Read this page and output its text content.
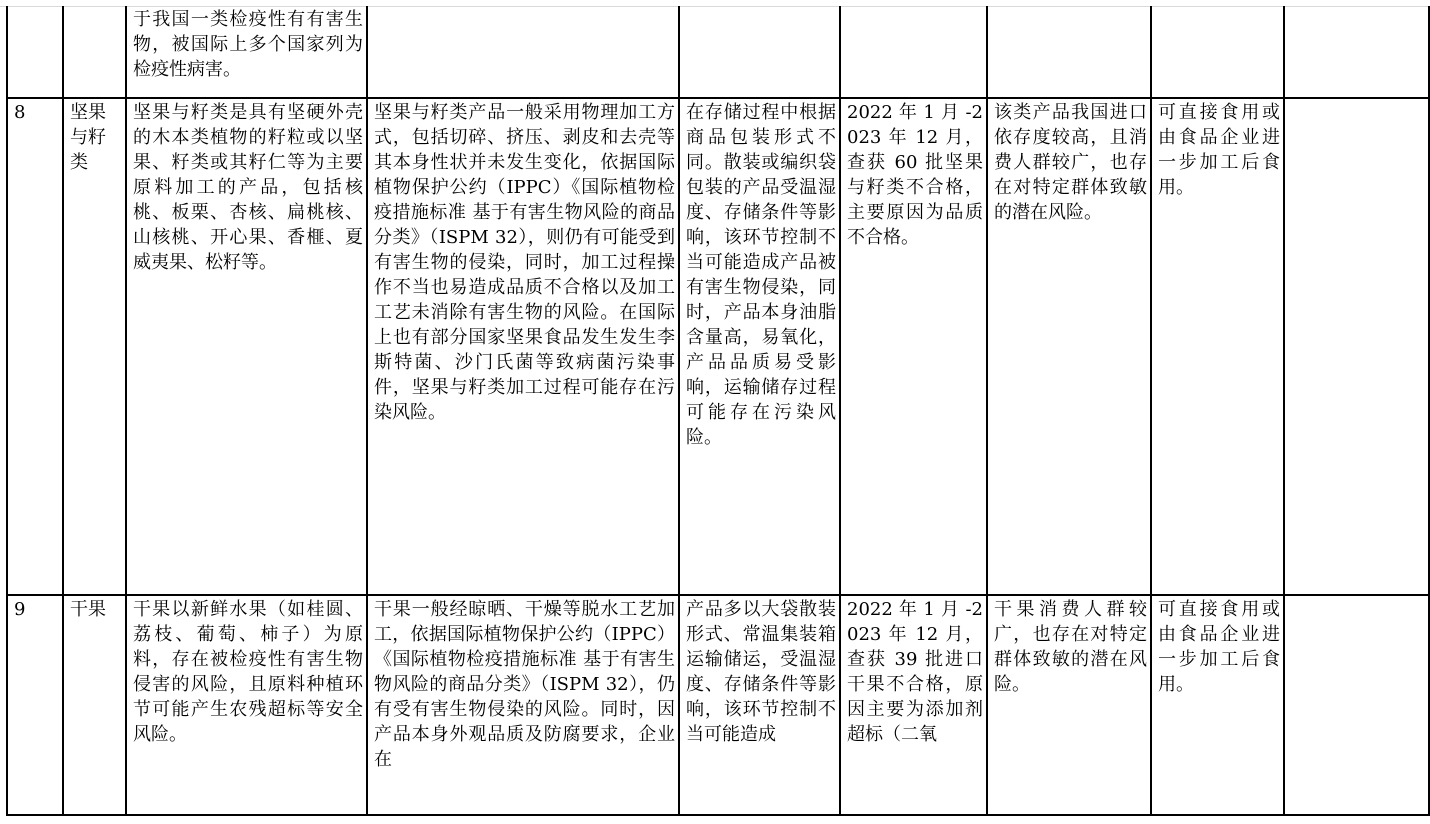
		于我国一类检疫性有有害生物，被国际上多个国家列为检疫性病害。						
8	坚果与籽类	坚果与籽类是具有坚硬外壳的木本类植物的籽粒或以坚果、籽类或其籽仁等为主要原料加工的产品，包括核桃、板栗、杏核、扁桃核、山核桃、开心果、香榧、夏威夷果、松籽等。	坚果与籽类产品一般采用物理加工方式，包括切碎、挤压、剥皮和去壳等其本身性状并未发生变化，依据国际植物保护公约（IPPC）《国际植物检疫措施标准 基于有害生物风险的商品分类》（ISPM 32），则仍有可能受到有害生物的侵染，同时，加工过程操作不当也易造成品质不合格以及加工工艺未消除有害生物的风险。在国际上也有部分国家坚果食品发生发生李斯特菌、沙门氏菌等致病菌污染事件，坚果与籽类加工过程可能存在污染风险。	在存储过程中根据商品包装形式不同。散装或编织袋包装的产品受温湿度、存储条件等影响，该环节控制不当可能造成产品被有害生物侵染，同时，产品本身油脂含量高，易氧化，产品品质易受影响，运输储存过程可能存在污染风险。	2022 年 1 月 -2023 年 12 月，查获 60 批坚果与籽类不合格，主要原因为品质不合格。	该类产品我国进口依存度较高，且消费人群较广，也存在对特定群体致敏的潜在风险。	可直接食用或由食品企业进一步加工后食用。	
9	干果	干果以新鲜水果（如桂圆、荔枝、葡萄、柿子）为原料，存在被检疫性有害生物侵害的风险，且原料种植环节可能产生农残超标等安全风险。	干果一般经晾晒、干燥等脱水工艺加工，依据国际植物保护公约（IPPC）《国际植物检疫措施标准 基于有害生物风险的商品分类》（ISPM 32），仍有受有害生物侵染的风险。同时，因产品本身外观品质及防腐要求，企业在	产品多以大袋散装形式、常温集装箱运输储运，受温湿度、存储条件等影响，该环节控制不当可能造成	2022 年 1 月 -2023 年 12 月，查获 39 批进口干果不合格，原因主要为添加剂超标（二氧	干果消费人群较广，也存在对特定群体致敏的潜在风险。	可直接食用或由食品企业进一步加工后食用。	
